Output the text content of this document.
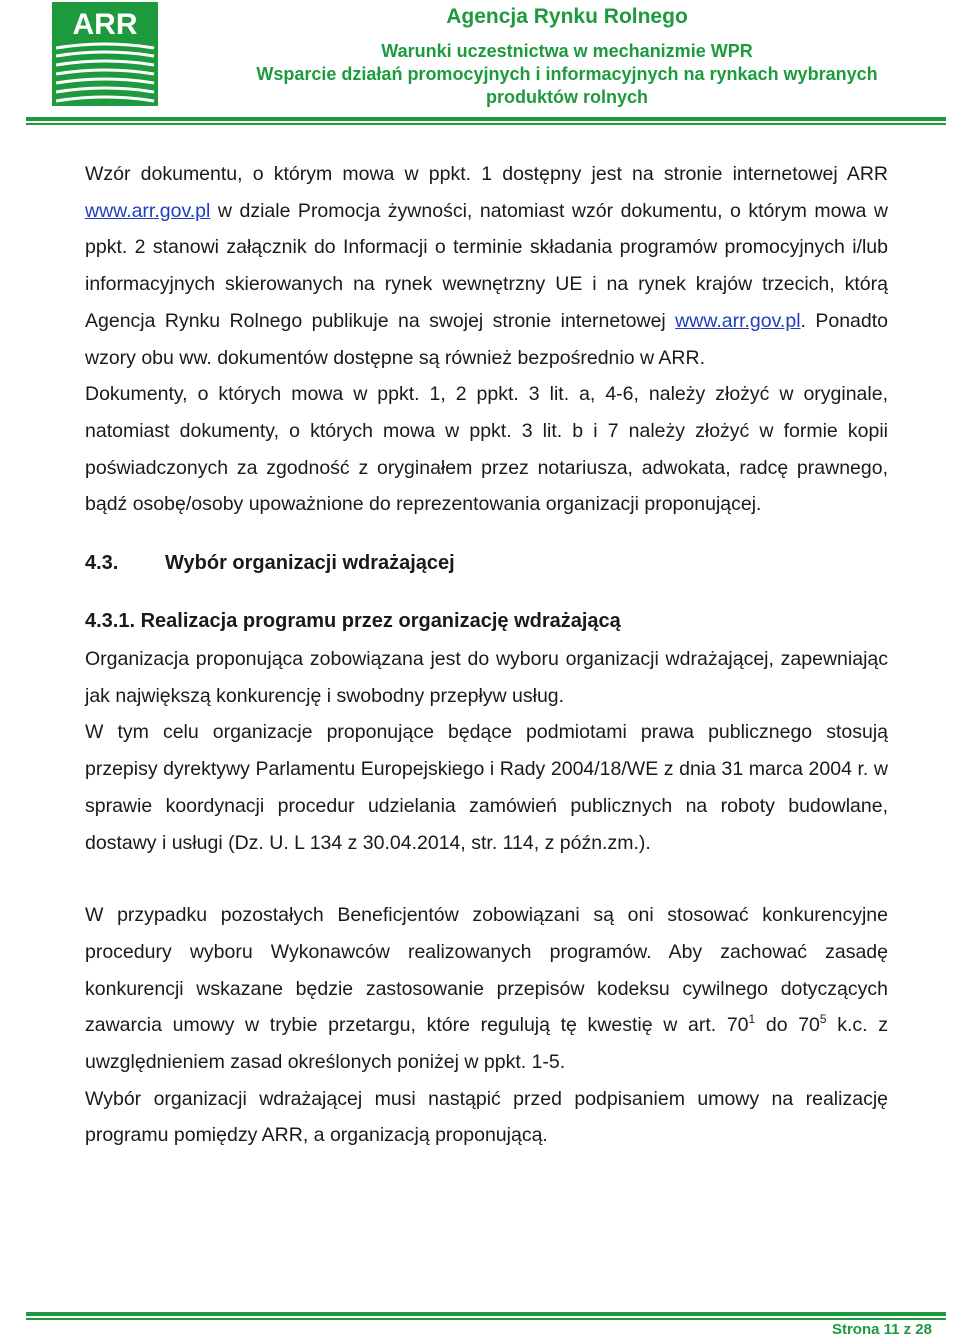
ARR	Agencja Rynku Rolnego
Warunki uczestnictwa w mechanizmie WPR
Wsparcie działań promocyjnych i informacyjnych na rynkach wybranych
produktów rolnych

Wzór dokumentu, o którym mowa w ppkt. 1 dostępny jest na stronie internetowej ARR www.arr.gov.pl w dziale Promocja żywności, natomiast wzór dokumentu, o którym mowa w ppkt. 2 stanowi załącznik do Informacji o terminie składania programów promocyjnych i/lub informacyjnych skierowanych na rynek wewnętrzny UE i na rynek krajów trzecich, którą Agencja Rynku Rolnego publikuje na swojej stronie internetowej www.arr.gov.pl. Ponadto wzory obu ww. dokumentów dostępne są również bezpośrednio w ARR.

Dokumenty, o których mowa w ppkt. 1, 2 ppkt. 3 lit. a, 4-6, należy złożyć w oryginale, natomiast dokumenty, o których mowa w ppkt. 3 lit. b i 7 należy złożyć w formie kopii poświadczonych za zgodność z oryginałem przez notariusza, adwokata, radcę prawnego, bądź osobę/osoby upoważnione do reprezentowania organizacji proponującej.

4.3. Wybór organizacji wdrażającej
4.3.1. Realizacja programu przez organizację wdrażającą

Organizacja proponująca zobowiązana jest do wyboru organizacji wdrażającej, zapewniając jak największą konkurencję i swobodny przepływ usług.

W tym celu organizacje proponujące będące podmiotami prawa publicznego stosują przepisy dyrektywy Parlamentu Europejskiego i Rady 2004/18/WE z dnia 31 marca 2004 r. w sprawie koordynacji procedur udzielania zamówień publicznych na roboty budowlane, dostawy i usługi (Dz. U. L 134 z 30.04.2014, str. 114, z późn.zm.).

W przypadku pozostałych Beneficjentów zobowiązani są oni stosować konkurencyjne procedury wyboru Wykonawców realizowanych programów. Aby zachować zasadę konkurencji wskazane będzie zastosowanie przepisów kodeksu cywilnego dotyczących zawarcia umowy w trybie przetargu, które regulują tę kwestię w art. $70^1$ do $70^5$ k.c. z uwzględnieniem zasad określonych poniżej w ppkt. 1-5.

Wybór organizacji wdrażającej musi nastąpić przed podpisaniem umowy na realizację programu pomiędzy ARR, a organizacją proponującą.

Strona 11 z 28
